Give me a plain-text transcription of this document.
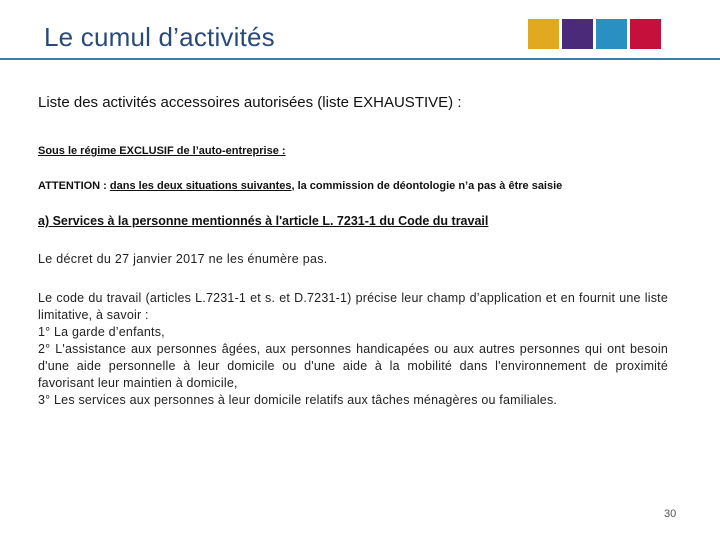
Le cumul d’activités
Liste des activités accessoires autorisées (liste EXHAUSTIVE) :
Sous le régime EXCLUSIF de l’auto-entreprise :
ATTENTION : dans les deux situations suivantes, la commission de déontologie n’a pas à être saisie
a) Services à la personne mentionnés à l'article L. 7231-1 du Code du travail
Le décret du 27 janvier 2017 ne les énumère pas.

Le code du travail (articles L.7231-1 et s. et D.7231-1) précise leur champ d’application et en fournit une liste limitative, à savoir :

1° La garde d’enfants,

2° L'assistance aux personnes âgées, aux personnes handicapées ou aux autres personnes qui ont besoin d'une aide personnelle à leur domicile ou d'une aide à la mobilité dans l'environnement de proximité favorisant leur maintien à domicile,

3° Les services aux personnes à leur domicile relatifs aux tâches ménagères ou familiales.

30
